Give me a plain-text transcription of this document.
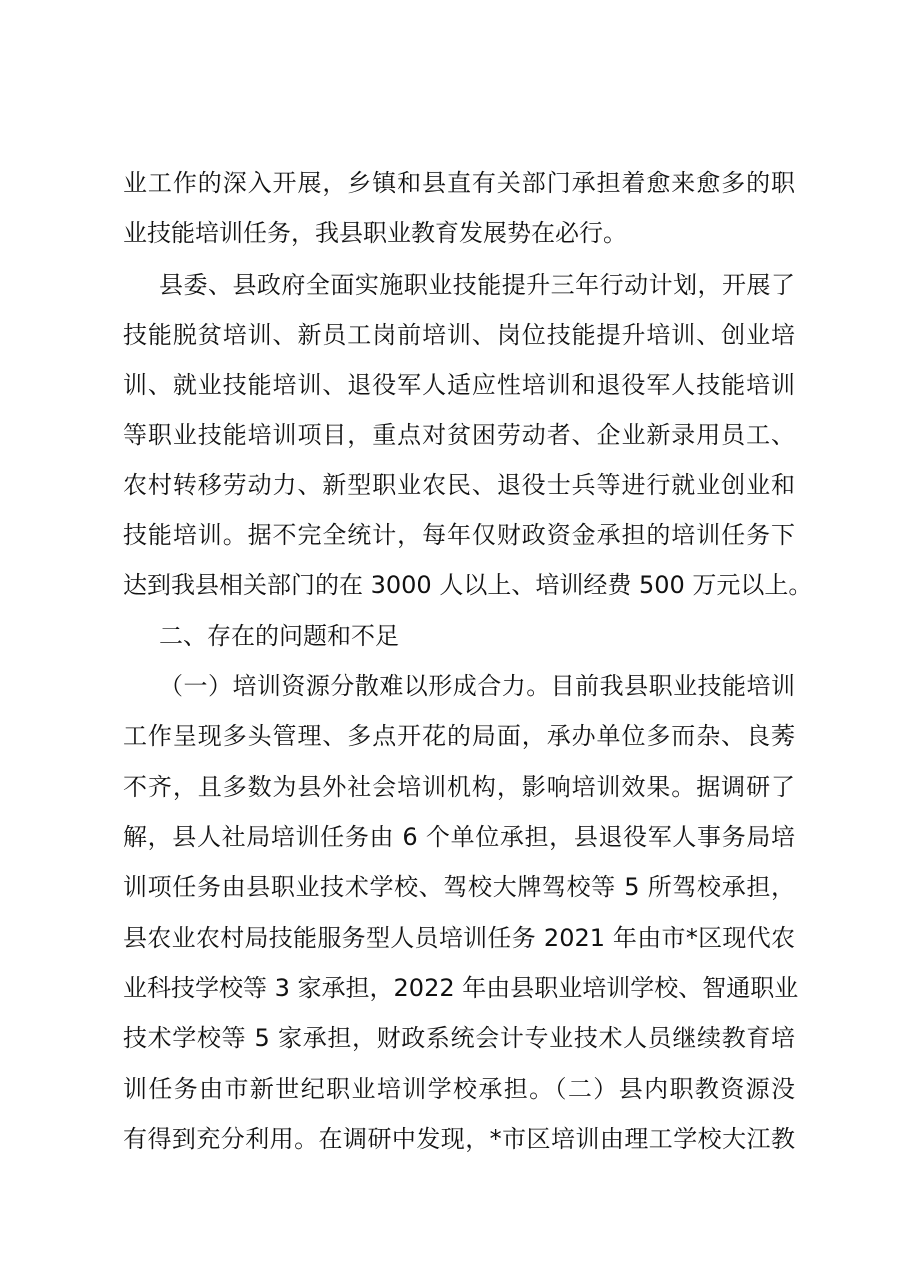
业工作的深入开展，乡镇和县直有关部门承担着愈来愈多的职
业技能培训任务，我县职业教育发展势在必行。
县委、县政府全面实施职业技能提升三年行动计划，开展了
技能脱贫培训、新员工岗前培训、岗位技能提升培训、创业培
训、就业技能培训、退役军人适应性培训和退役军人技能培训
等职业技能培训项目，重点对贫困劳动者、企业新录用员工、
农村转移劳动力、新型职业农民、退役士兵等进行就业创业和
技能培训。据不完全统计，每年仅财政资金承担的培训任务下
达到我县相关部门的在 3000 人以上、培训经费 500 万元以上。
二、存在的问题和不足
（一）培训资源分散难以形成合力。目前我县职业技能培训
工作呈现多头管理、多点开花的局面，承办单位多而杂、良莠
不齐，且多数为县外社会培训机构，影响培训效果。据调研了
解，县人社局培训任务由 6 个单位承担，县退役军人事务局培
训项任务由县职业技术学校、驾校大牌驾校等 5 所驾校承担，
县农业农村局技能服务型人员培训任务 2021 年由市*区现代农
业科技学校等 3 家承担，2022 年由县职业培训学校、智通职业
技术学校等 5 家承担，财政系统会计专业技术人员继续教育培
训任务由市新世纪职业培训学校承担。（二）县内职教资源没
有得到充分利用。在调研中发现，*市区培训由理工学校大江教
